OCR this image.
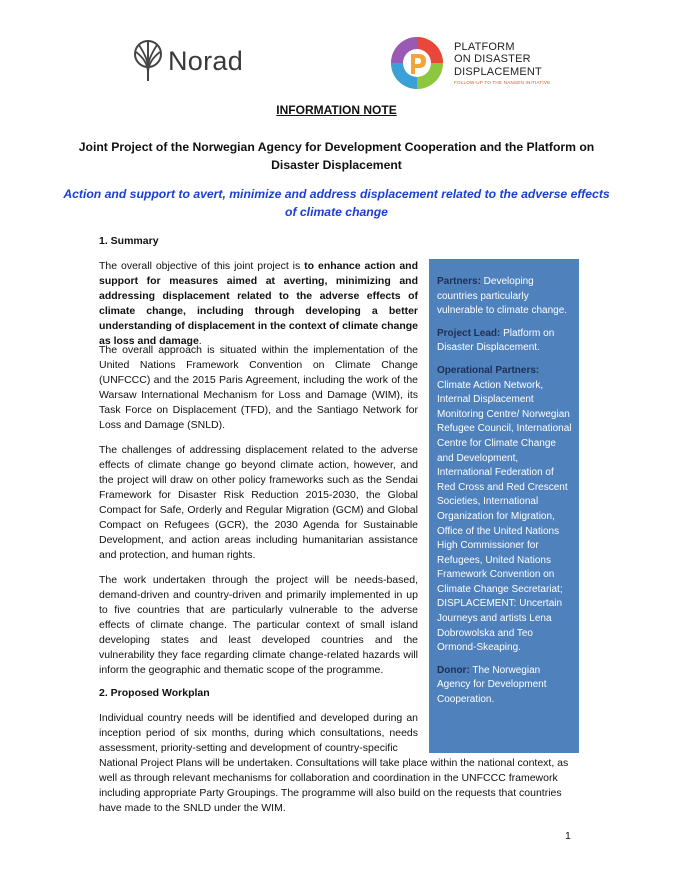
Norad	PLATFORM
ON DISASTER
DISPLACEMENT
FOLLOW-UP TO THE NANSEN INITIATIVE
INFORMATION NOTE
Joint Project of the Norwegian Agency for Development Cooperation and the Platform on Disaster Displacement
Action and support to avert, minimize and address displacement related to the adverse effects of climate change
1. Summary

The overall objective of this joint project is to enhance action and support for measures aimed at averting, minimizing and addressing displacement related to the adverse effects of climate change, including through developing a better understanding of displacement in the context of climate change as loss and damage.

The overall approach is situated within the implementation of the United Nations Framework Convention on Climate Change (UNFCCC) and the 2015 Paris Agreement, including the work of the Warsaw International Mechanism for Loss and Damage (WIM), its Task Force on Displacement (TFD), and the Santiago Network for Loss and Damage (SNLD).

The challenges of addressing displacement related to the adverse effects of climate change go beyond climate action, however, and the project will draw on other policy frameworks such as the Sendai Framework for Disaster Risk Reduction 2015-2030, the Global Compact for Safe, Orderly and Regular Migration (GCM) and Global Compact on Refugees (GCR), the 2030 Agenda for Sustainable Development, and action areas including humanitarian assistance and protection, and human rights.

The work undertaken through the project will be needs-based, demand-driven and country-driven and primarily implemented in up to five countries that are particularly vulnerable to the adverse effects of climate change. The particular context of small island developing states and least developed countries and the vulnerability they face regarding climate change-related hazards will inform the geographic and thematic scope of the programme.

2. Proposed Workplan

Individual country needs will be identified and developed during an inception period of six months, during which consultations, needs assessment, priority-setting and development of country-specific
National Project Plans will be undertaken. Consultations will take place within the national context, as well as through relevant mechanisms for collaboration and coordination in the UNFCCC framework including appropriate Party Groupings. The programme will also build on the requests that countries have made to the SNLD under the WIM.

Partners: Developing countries particularly vulnerable to climate change.
Project Lead: Platform on Disaster Displacement.
Operational Partners:
Climate Action Network, Internal Displacement Monitoring Centre/ Norwegian Refugee Council, International Centre for Climate Change and Development, International Federation of Red Cross and Red Crescent Societies, International Organization for Migration, Office of the United Nations High Commissioner for Refugees, United Nations Framework Convention on Climate Change Secretariat; DISPLACEMENT: Uncertain Journeys and artists Lena Dobrowolska and Teo Ormond-Skeaping.
Donor: The Norwegian Agency for Development Cooperation.
1
